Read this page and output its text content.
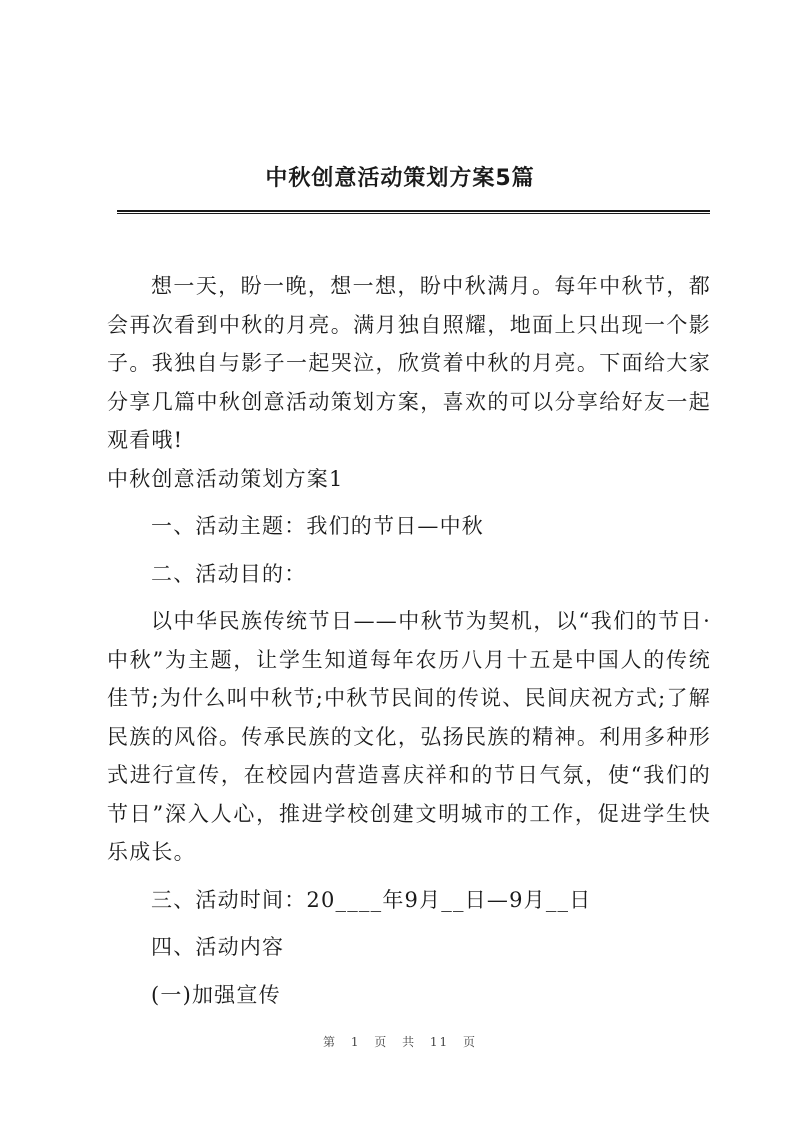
中秋创意活动策划方案5篇

想一天，盼一晚，想一想，盼中秋满月。每年中秋节，都会再次看到中秋的月亮。满月独自照耀，地面上只出现一个影子。我独自与影子一起哭泣，欣赏着中秋的月亮。下面给大家分享几篇中秋创意活动策划方案，喜欢的可以分享给好友一起观看哦!

中秋创意活动策划方案1

一、活动主题：我们的节日—中秋

二、活动目的：

以中华民族传统节日——中秋节为契机，以“我们的节日·中秋”为主题，让学生知道每年农历八月十五是中国人的传统佳节;为什么叫中秋节;中秋节民间的传说、民间庆祝方式;了解民族的风俗。传承民族的文化，弘扬民族的精神。利用多种形式进行宣传，在校园内营造喜庆祥和的节日气氛，使“我们的节日”深入人心，推进学校创建文明城市的工作，促进学生快乐成长。

三、活动时间：20____年9月__日—9月__日

四、活动内容

(一)加强宣传

第 1 页 共 11 页
